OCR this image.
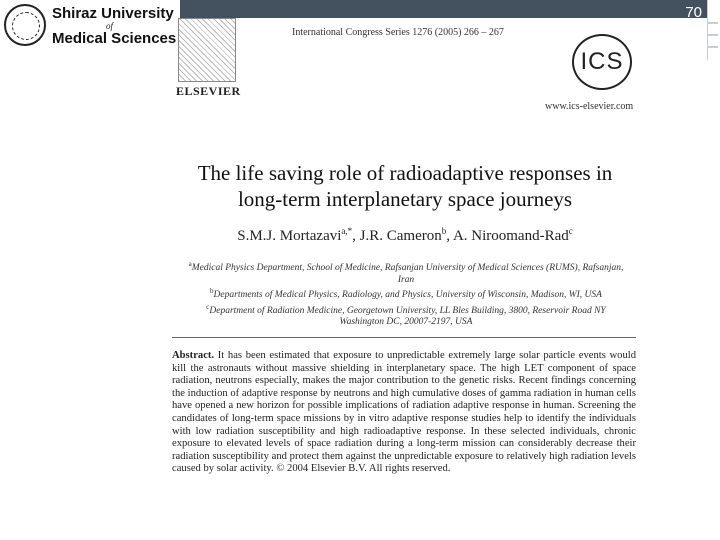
70
Shiraz University
of
Medical Sciences
ELSEVIER
International Congress Series 1276 (2005) 266 – 267
ICS
www.ics-elsevier.com
The life saving role of radioadaptive responses in
long-term interplanetary space journeys
S.M.J. Mortazavi$^{a,*}$, J.R. Cameron$^b$, A. Niroomand-Rad$^c$
$^a$Medical Physics Department, School of Medicine, Rafsanjan University of Medical Sciences (RUMS), Rafsanjan, Iran
$^b$Departments of Medical Physics, Radiology, and Physics, University of Wisconsin, Madison, WI, USA
$^c$Department of Radiation Medicine, Georgetown University, LL Bles Building, 3800, Reservoir Road NY Washington DC, 20007-2197, USA
Abstract. It has been estimated that exposure to unpredictable extremely large solar particle events would kill the astronauts without massive shielding in interplanetary space. The high LET component of space radiation, neutrons especially, makes the major contribution to the genetic risks. Recent findings concerning the induction of adaptive response by neutrons and high cumulative doses of gamma radiation in human cells have opened a new horizon for possible implications of radiation adaptive response in human. Screening the candidates of long-term space missions by in vitro adaptive response studies help to identify the individuals with low radiation susceptibility and high radioadaptive response. In these selected individuals, chronic exposure to elevated levels of space radiation during a long-term mission can considerably decrease their radiation susceptibility and protect them against the unpredictable exposure to relatively high radiation levels caused by solar activity. © 2004 Elsevier B.V. All rights reserved.
